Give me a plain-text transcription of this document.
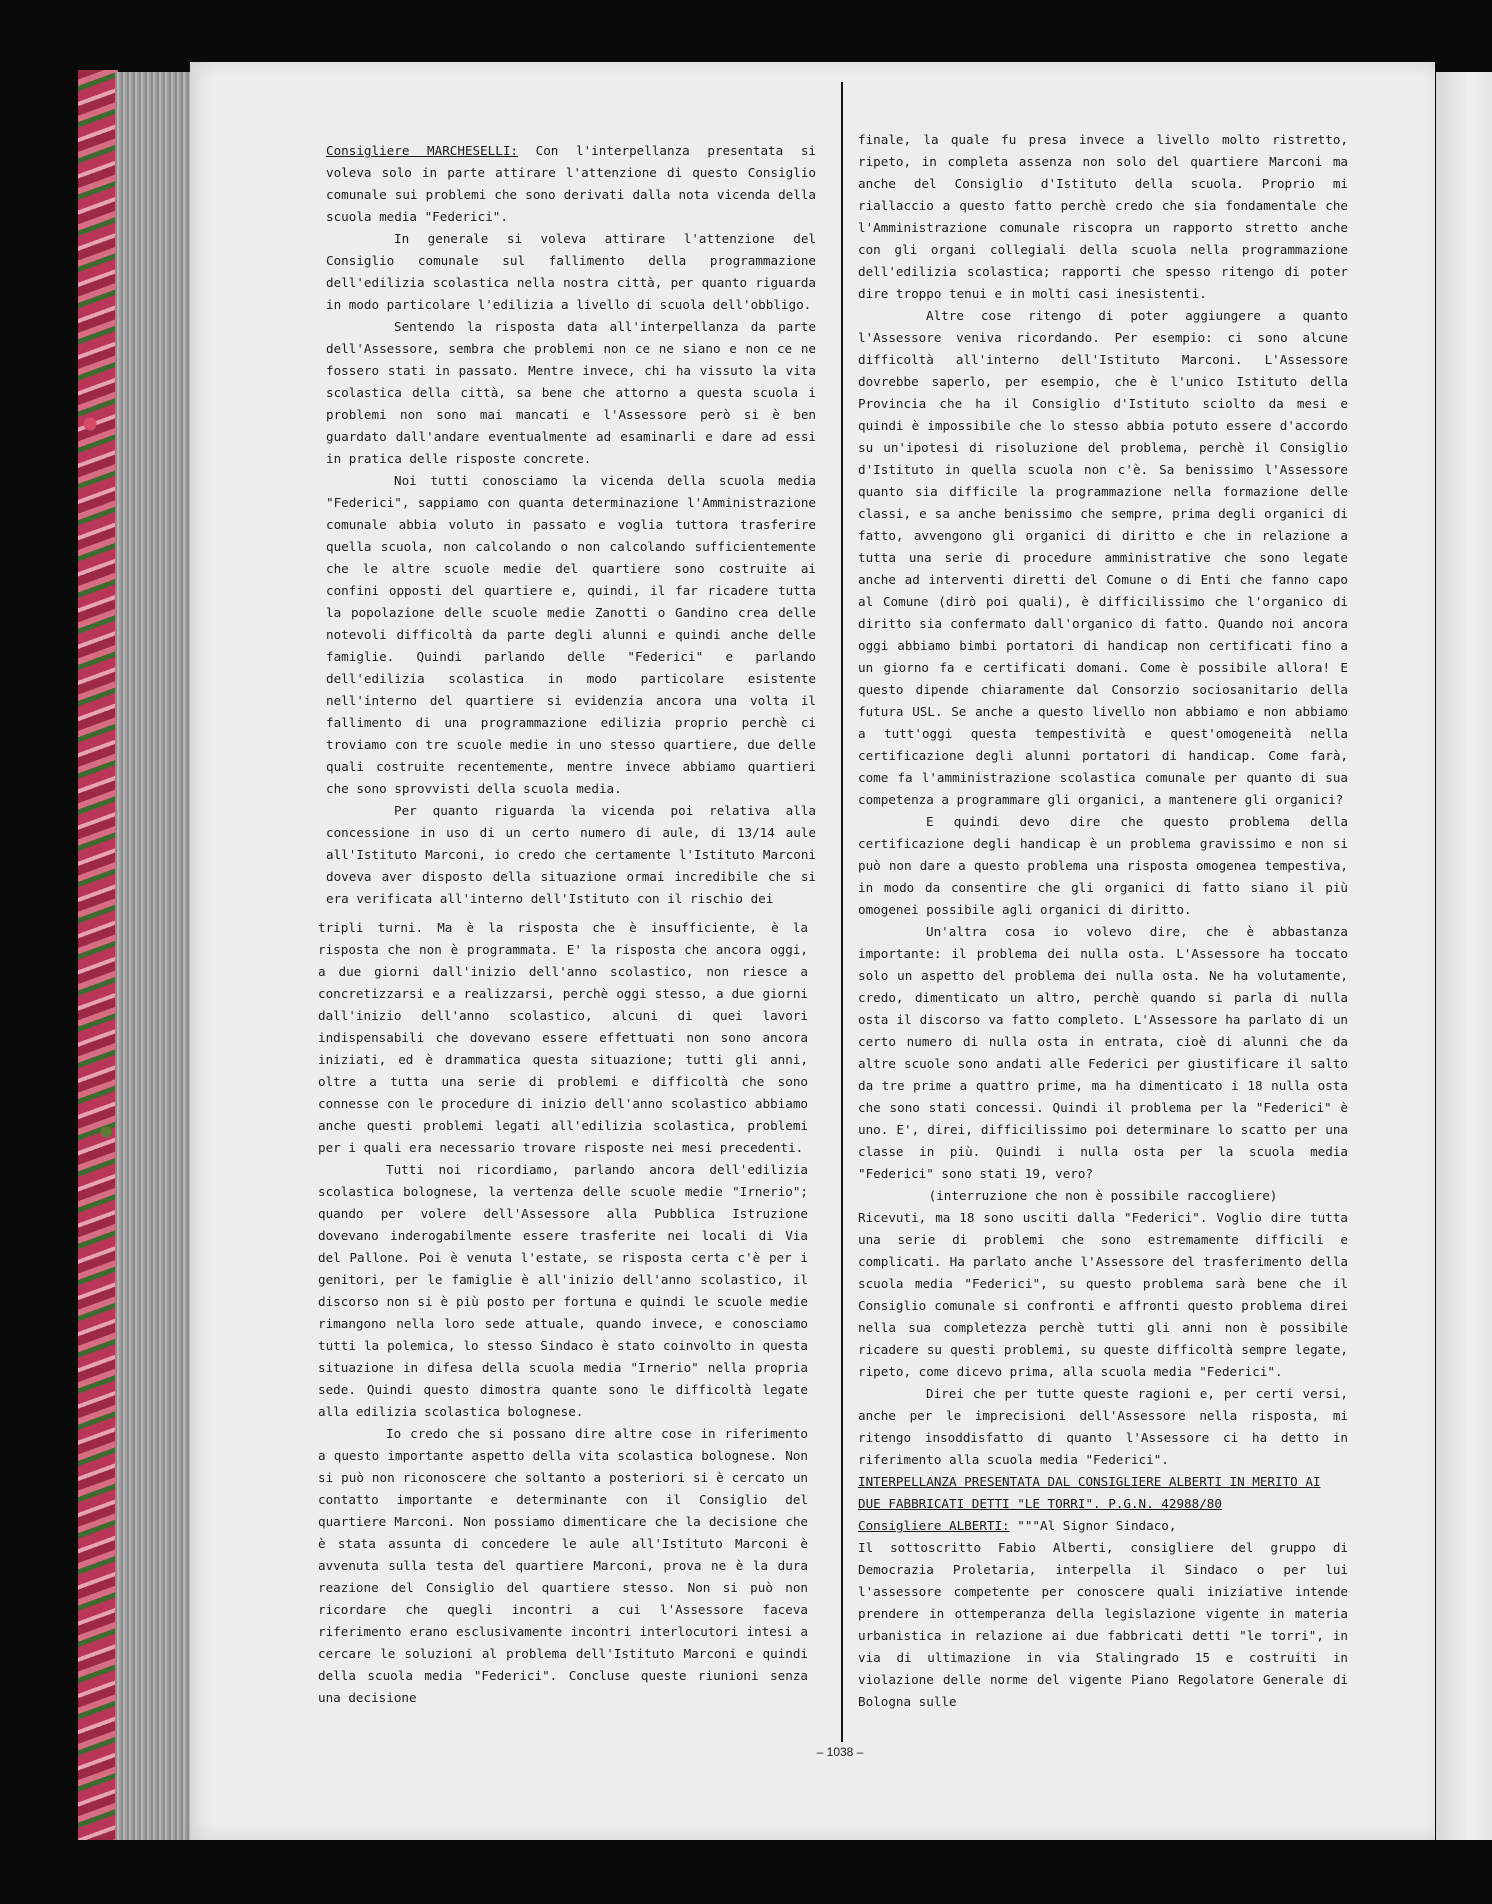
Consigliere MARCHESELLI: Con l'interpellanza presentata si voleva solo in parte attirare l'attenzione di questo Consiglio comunale sui problemi che sono derivati dalla nota vicenda della scuola media "Federici".

In generale si voleva attirare l'attenzione del Consiglio comunale sul fallimento della programmazione dell'edilizia scolastica nella nostra città, per quanto riguarda in modo particolare l'edilizia a livello di scuola dell'obbligo.

Sentendo la risposta data all'interpellanza da parte dell'Assessore, sembra che problemi non ce ne siano e non ce ne fossero stati in passato. Mentre invece, chi ha vissuto la vita scolastica della città, sa bene che attorno a questa scuola i problemi non sono mai mancati e l'Assessore però si è ben guardato dall'andare eventualmente ad esaminarli e dare ad essi in pratica delle risposte concrete.

Noi tutti conosciamo la vicenda della scuola media "Federici", sappiamo con quanta determinazione l'Amministrazione comunale abbia voluto in passato e voglia tuttora trasferire quella scuola, non calcolando o non calcolando sufficientemente che le altre scuole medie del quartiere sono costruite ai confini opposti del quartiere e, quindi, il far ricadere tutta la popolazione delle scuole medie Zanotti o Gandino crea delle notevoli difficoltà da parte degli alunni e quindi anche delle famiglie. Quindi parlando delle "Federici" e parlando dell'edilizia scolastica in modo particolare esistente nell'interno del quartiere si evidenzia ancora una volta il fallimento di una programmazione edilizia proprio perchè ci troviamo con tre scuole medie in uno stesso quartiere, due delle quali costruite recentemente, mentre invece abbiamo quartieri che sono sprovvisti della scuola media.

Per quanto riguarda la vicenda poi relativa alla concessione in uso di un certo numero di aule, di 13/14 aule all'Istituto Marconi, io credo che certamente l'Istituto Marconi doveva aver disposto della situazione ormai incredibile che si era verificata all'interno dell'Istituto con il rischio dei

tripli turni. Ma è la risposta che è insufficiente, è la risposta che non è programmata. E' la risposta che ancora oggi, a due giorni dall'inizio dell'anno scolastico, non riesce a concretizzarsi e a realizzarsi, perchè oggi stesso, a due giorni dall'inizio dell'anno scolastico, alcuni di quei lavori indispensabili che dovevano essere effettuati non sono ancora iniziati, ed è drammatica questa situazione; tutti gli anni, oltre a tutta una serie di problemi e difficoltà che sono connesse con le procedure di inizio dell'anno scolastico abbiamo anche questi problemi legati all'edilizia scolastica, problemi per i quali era necessario trovare risposte nei mesi precedenti.

Tutti noi ricordiamo, parlando ancora dell'edilizia scolastica bolognese, la vertenza delle scuole medie "Irnerio"; quando per volere dell'Assessore alla Pubblica Istruzione dovevano inderogabilmente essere trasferite nei locali di Via del Pallone. Poi è venuta l'estate, se risposta certa c'è per i genitori, per le famiglie è all'inizio dell'anno scolastico, il discorso non si è più posto per fortuna e quindi le scuole medie rimangono nella loro sede attuale, quando invece, e conosciamo tutti la polemica, lo stesso Sindaco è stato coinvolto in questa situazione in difesa della scuola media "Irnerio" nella propria sede. Quindi questo dimostra quante sono le difficoltà legate alla edilizia scolastica bolognese.

Io credo che si possano dire altre cose in riferimento a questo importante aspetto della vita scolastica bolognese. Non si può non riconoscere che soltanto a posteriori si è cercato un contatto importante e determinante con il Consiglio del quartiere Marconi. Non possiamo dimenticare che la decisione che è stata assunta di concedere le aule all'Istituto Marconi è avvenuta sulla testa del quartiere Marconi, prova ne è la dura reazione del Consiglio del quartiere stesso. Non si può non ricordare che quegli incontri a cui l'Assessore faceva riferimento erano esclusivamente incontri interlocutori intesi a cercare le soluzioni al problema dell'Istituto Marconi e quindi della scuola media "Federici". Concluse queste riunioni senza una decisione

finale, la quale fu presa invece a livello molto ristretto, ripeto, in completa assenza non solo del quartiere Marconi ma anche del Consiglio d'Istituto della scuola. Proprio mi riallaccio a questo fatto perchè credo che sia fondamentale che l'Amministrazione comunale riscopra un rapporto stretto anche con gli organi collegiali della scuola nella programmazione dell'edilizia scolastica; rapporti che spesso ritengo di poter dire troppo tenui e in molti casi inesistenti.

Altre cose ritengo di poter aggiungere a quanto l'Assessore veniva ricordando. Per esempio: ci sono alcune difficoltà all'interno dell'Istituto Marconi. L'Assessore dovrebbe saperlo, per esempio, che è l'unico Istituto della Provincia che ha il Consiglio d'Istituto sciolto da mesi e quindi è impossibile che lo stesso abbia potuto essere d'accordo su un'ipotesi di risoluzione del problema, perchè il Consiglio d'Istituto in quella scuola non c'è. Sa benissimo l'Assessore quanto sia difficile la programmazione nella formazione delle classi, e sa anche benissimo che sempre, prima degli organici di fatto, avvengono gli organici di diritto e che in relazione a tutta una serie di procedure amministrative che sono legate anche ad interventi diretti del Comune o di Enti che fanno capo al Comune (dirò poi quali), è difficilissimo che l'organico di diritto sia confermato dall'organico di fatto. Quando noi ancora oggi abbiamo bimbi portatori di handicap non certificati fino a un giorno fa e certificati domani. Come è possibile allora! E questo dipende chiaramente dal Consorzio sociosanitario della futura USL. Se anche a questo livello non abbiamo e non abbiamo a tutt'oggi questa tempestività e quest'omogeneità nella certificazione degli alunni portatori di handicap. Come farà, come fa l'amministrazione scolastica comunale per quanto di sua competenza a programmare gli organici, a mantenere gli organici?

E quindi devo dire che questo problema della certificazione degli handicap è un problema gravissimo e non si può non dare a questo problema una risposta omogenea tempestiva, in modo da consentire che gli organici di fatto siano il più omogenei possibile agli organici di diritto.

Un'altra cosa io volevo dire, che è abbastanza importante: il problema dei nulla osta. L'Assessore ha toccato solo un aspetto del problema dei nulla osta. Ne ha volutamente, credo, dimenticato un altro, perchè quando si parla di nulla osta il discorso va fatto completo. L'Assessore ha parlato di un certo numero di nulla osta in entrata, cioè di alunni che da altre scuole sono andati alle Federici per giustificare il salto da tre prime a quattro prime, ma ha dimenticato i 18 nulla osta che sono stati concessi. Quindi il problema per la "Federici" è uno. E', direi, difficilissimo poi determinare lo scatto per una classe in più. Quindi i nulla osta per la scuola media "Federici" sono stati 19, vero?

(interruzione che non è possibile raccogliere)

Ricevuti, ma 18 sono usciti dalla "Federici". Voglio dire tutta una serie di problemi che sono estremamente difficili e complicati. Ha parlato anche l'Assessore del trasferimento della scuola media "Federici", su questo problema sarà bene che il Consiglio comunale si confronti e affronti questo problema direi nella sua completezza perchè tutti gli anni non è possibile ricadere su questi problemi, su queste difficoltà sempre legate, ripeto, come dicevo prima, alla scuola media "Federici".

Direi che per tutte queste ragioni e, per certi versi, anche per le imprecisioni dell'Assessore nella risposta, mi ritengo insoddisfatto di quanto l'Assessore ci ha detto in riferimento alla scuola media "Federici".

INTERPELLANZA PRESENTATA DAL CONSIGLIERE ALBERTI IN MERITO AI DUE FABBRICATI DETTI "LE TORRI". P.G.N. 42988/80

Consigliere ALBERTI: """Al Signor Sindaco,

Il sottoscritto Fabio Alberti, consigliere del gruppo di Democrazia Proletaria, interpella il Sindaco o per lui l'assessore competente per conoscere quali iniziative intende prendere in ottemperanza della legislazione vigente in materia urbanistica in relazione ai due fabbricati detti "le torri", in via di ultimazione in via Stalingrado 15 e costruiti in violazione delle norme del vigente Piano Regolatore Generale di Bologna sulle

– 1038 –
